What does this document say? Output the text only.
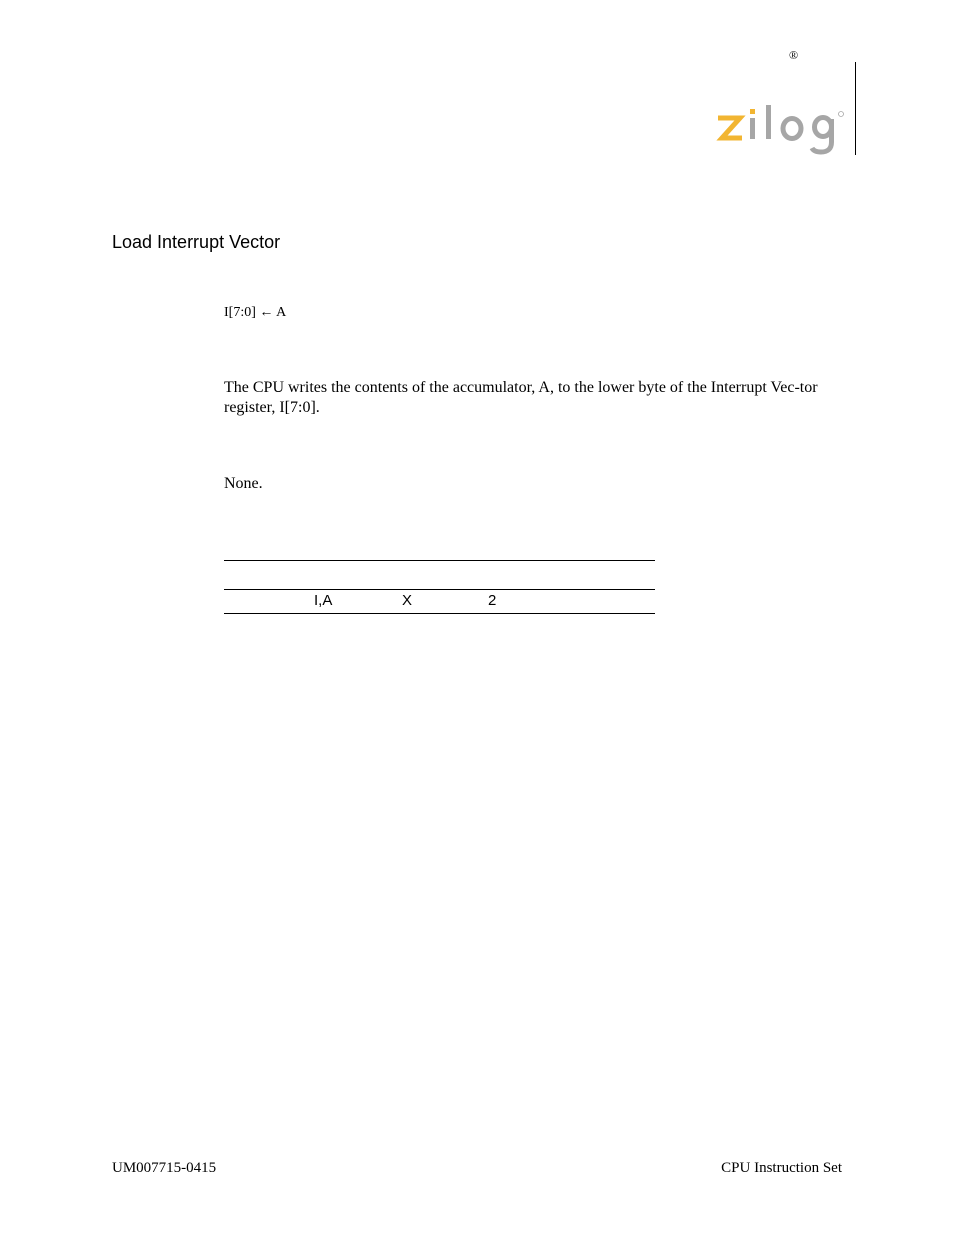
®
Load Interrupt Vector
I[7:0] ← A
The CPU writes the contents of the accumulator, A, to the lower byte of the Interrupt Vec-tor register, I[7:0].
None.
I,A	X	2
UM007715-0415	CPU Instruction Set
